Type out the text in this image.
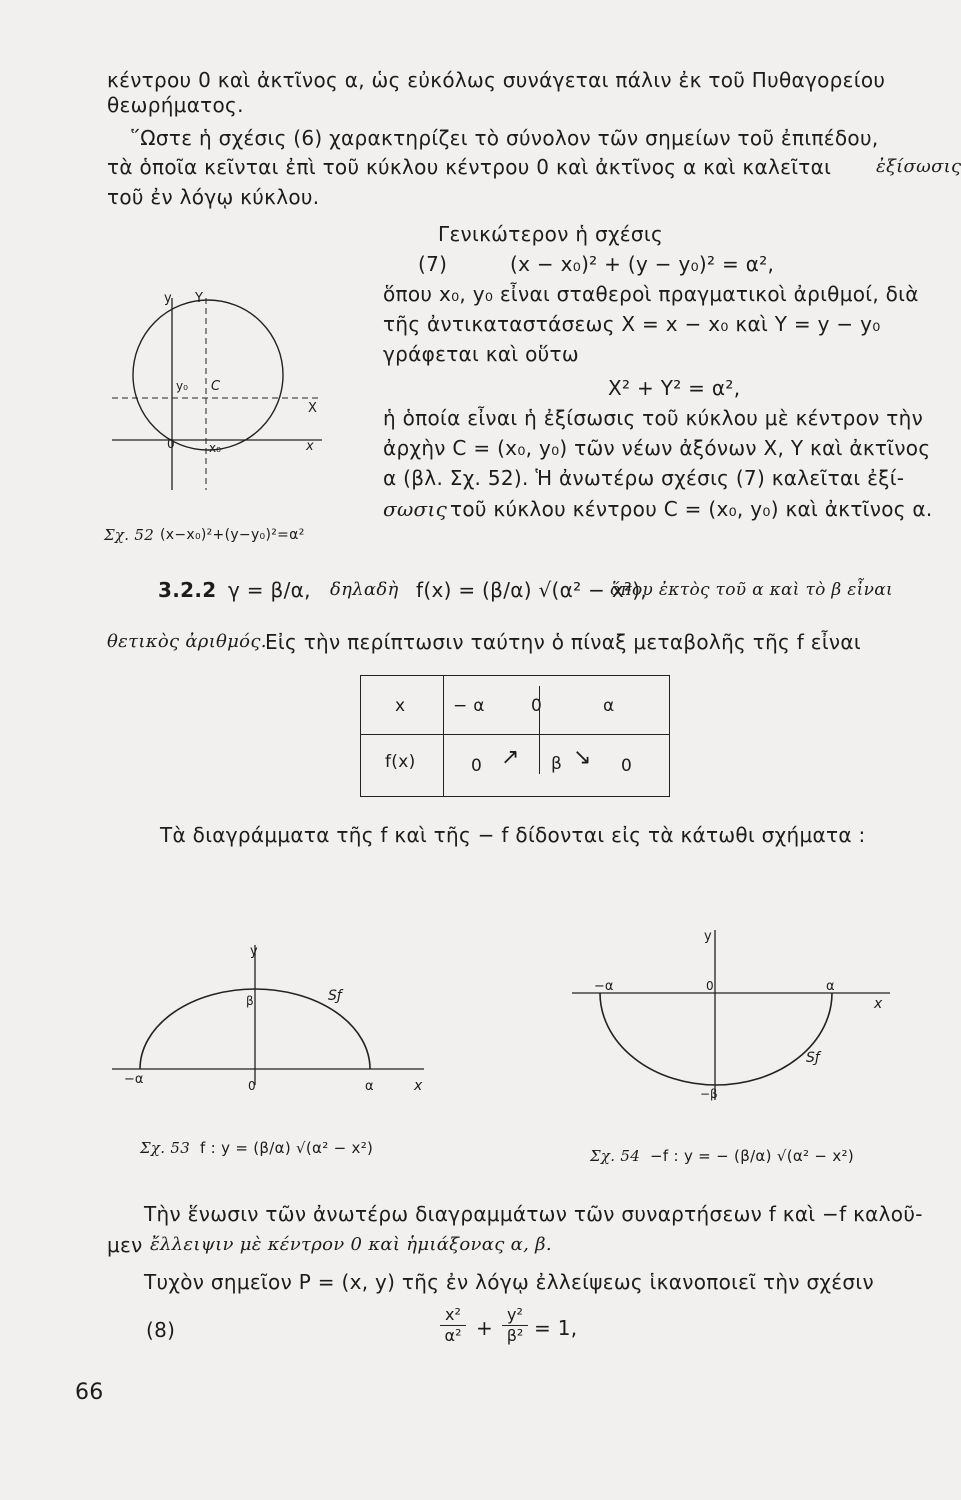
κέντρου 0 καὶ ἀκτῖνος α, ὡς εὐκόλως συνάγεται πάλιν ἐκ τοῦ Πυθαγορείου
θεωρήματος.
῞Ωστε ἡ σχέσις (6) χαρακτηρίζει τὸ σύνολον τῶν σημείων τοῦ ἐπιπέδου,
τὰ ὁποῖα κεῖνται ἐπὶ τοῦ κύκλου κέντρου 0 καὶ ἀκτῖνος α καὶ καλεῖται ἐξίσωσις
τοῦ ἐν λόγῳ κύκλου.
Γενικώτερον ἡ σχέσις
(7)	(x − x₀)² + (y − y₀)² = α²,
ὅπου x₀, y₀ εἶναι σταθεροὶ πραγματικοὶ ἀριθμοί, διὰ
τῆς ἀντικαταστάσεως X = x − x₀ καὶ Y = y − y₀
γράφεται καὶ οὕτω
X² + Y² = α²,
ἡ ὁποία εἶναι ἡ ἐξίσωσις τοῦ κύκλου μὲ κέντρον τὴν
ἀρχὴν C = (x₀, y₀) τῶν νέων ἀξόνων X, Y καὶ ἀκτῖνος
α (βλ. Σχ. 52). Ἡ ἀνωτέρω σχέσις (7) καλεῖται ἐξί-
σωσις τοῦ κύκλου κέντρου C = (x₀, y₀) καὶ ἀκτῖνος α.
y Y
y₀ C
X
0	x₀	x
Σχ. 52 (x−x₀)²+(y−y₀)²=α²
3.2.2 γ = β/α, δηλαδὴ f(x) = (β/α) √(α² − x²),
ὅπου ἐκτὸς τοῦ α καὶ τὸ β εἶναι
θετικὸς ἀριθμός.
Εἰς τὴν περίπτωσιν ταύτην ὁ πίναξ μεταβολῆς τῆς f εἶναι
x	− α	0	α
f(x)	0 ↗ β ↘ 0
Τὰ διαγράμματα τῆς f καὶ τῆς − f δίδονται εἰς τὰ κάτωθι σχήματα :
y
β	Sƒ
−α	0	α	x
y
−α	0	α
x
Sƒ
−β
Σχ. 53 f : y = (β/α) √(α² − x²)	Σχ. 54 −f : y = − (β/α) √(α² − x²)
Τὴν ἕνωσιν τῶν ἀνωτέρω διαγραμμάτων τῶν συναρτήσεων f καὶ −f καλοῦ-
μεν ἔλλειψιν μὲ κέντρον 0 καὶ ἡμιάξονας α, β.
Τυχὸν σημεῖον P = (x, y) τῆς ἐν λόγῳ ἐλλείψεως ἱκανοποιεῖ τὴν σχέσιν
(8)	$\frac{\text{x²}}{\text{α²}} + \frac{\text{y²}}{\text{β²}} = 1$,
66
